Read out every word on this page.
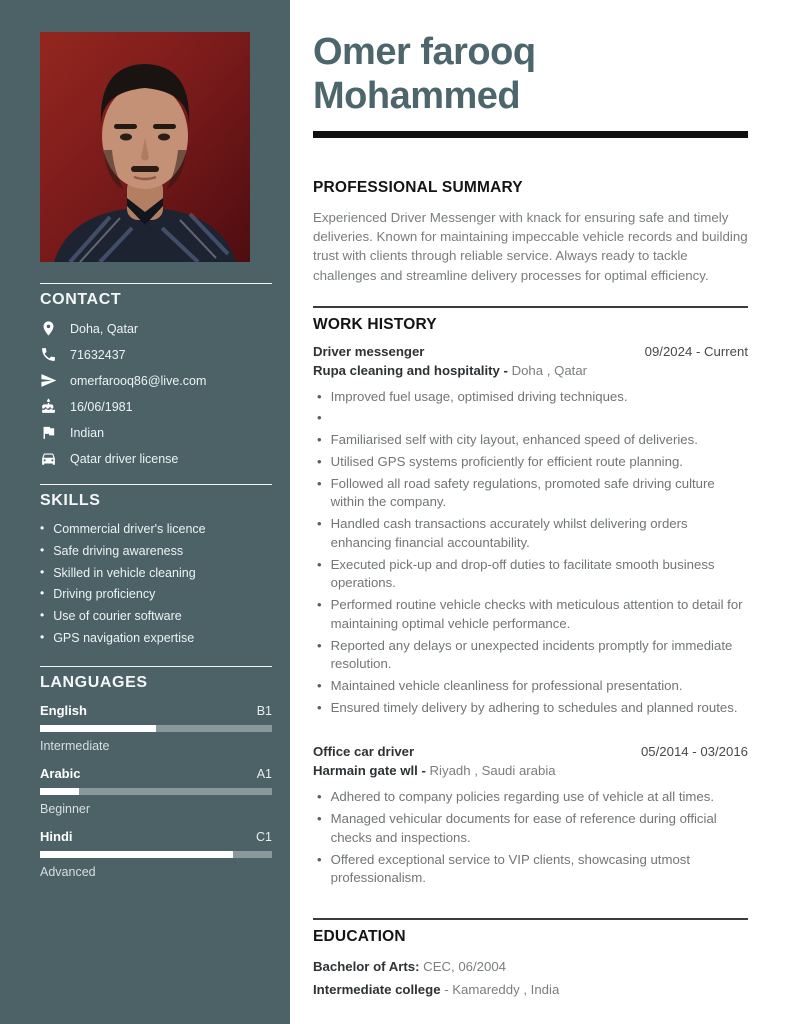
CONTACT
Doha, Qatar
71632437
omerfarooq86@live.com
16/06/1981
Indian
Qatar driver license
SKILLS
• Commercial driver's licence
• Safe driving awareness
• Skilled in vehicle cleaning
• Driving proficiency
• Use of courier software
• GPS navigation expertise
LANGUAGES
English	B1
Intermediate
Arabic	A1
Beginner
Hindi	C1
Advanced
Omer farooq
Mohammed
PROFESSIONAL SUMMARY

Experienced Driver Messenger with knack for ensuring safe and timely deliveries. Known for maintaining impeccable vehicle records and building trust with clients through reliable service. Always ready to tackle challenges and streamline delivery processes for optimal efficiency.

WORK HISTORY
Driver messenger	09/2024 - Current
Rupa cleaning and hospitality - Doha , Qatar
• Improved fuel usage, optimised driving techniques.
•
• Familiarised self with city layout, enhanced speed of deliveries.
• Utilised GPS systems proficiently for efficient route planning.
• Followed all road safety regulations, promoted safe driving culture within the company.
• Handled cash transactions accurately whilst delivering orders enhancing financial accountability.
• Executed pick-up and drop-off duties to facilitate smooth business operations.
• Performed routine vehicle checks with meticulous attention to detail for maintaining optimal vehicle performance.
• Reported any delays or unexpected incidents promptly for immediate resolution.
• Maintained vehicle cleanliness for professional presentation.
• Ensured timely delivery by adhering to schedules and planned routes.
Office car driver	05/2014 - 03/2016
Harmain gate wll - Riyadh , Saudi arabia
• Adhered to company policies regarding use of vehicle at all times.
• Managed vehicular documents for ease of reference during official checks and inspections.
• Offered exceptional service to VIP clients, showcasing utmost professionalism.
EDUCATION
Bachelor of Arts: CEC, 06/2004
Intermediate college - Kamareddy , India
